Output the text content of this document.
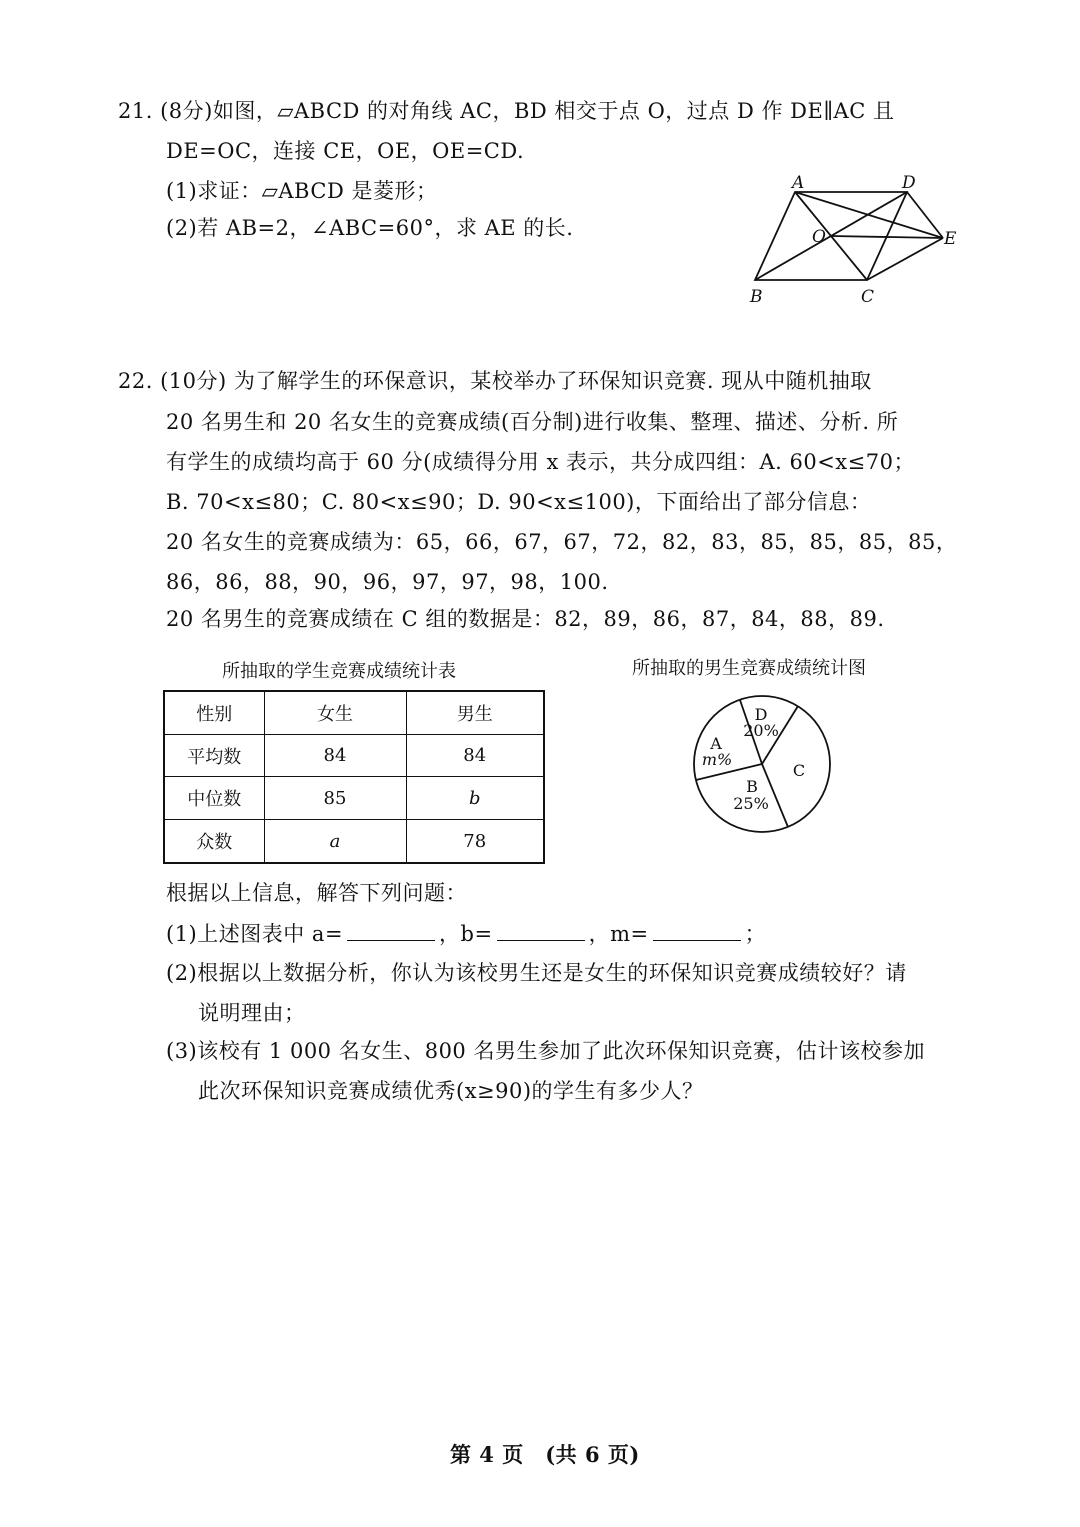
21. (8分)如图，▱ABCD 的对角线 AC，BD 相交于点 O，过点 D 作 DE∥AC 且

DE=OC，连接 CE，OE，OE=CD.

(1)求证：▱ABCD 是菱形；

(2)若 AB=2，∠ABC=60°，求 AE 的长.

A	D
O	E
B	C

22. (10分) 为了解学生的环保意识，某校举办了环保知识竞赛. 现从中随机抽取

20 名男生和 20 名女生的竞赛成绩(百分制)进行收集、整理、描述、分析. 所

有学生的成绩均高于 60 分(成绩得分用 x 表示，共分成四组：A. 60<x≤70；

B. 70<x≤80；C. 80<x≤90；D. 90<x≤100)，下面给出了部分信息：

20 名女生的竞赛成绩为：65，66，67，67，72，82，83，85，85，85，85，

86，86，88，90，96，97，97，98，100.

20 名男生的竞赛成绩在 C 组的数据是：82，89，86，87，84，88，89.

所抽取的学生竞赛成绩统计表	所抽取的男生竞赛成绩统计图

性别	女生	男生
平均数	84	84
中位数	85	b
众数	a	78
D
20%
A
m%
B
25%
C

根据以上信息，解答下列问题：

(1)上述图表中 a=	，b=	，m=	；

(2)根据以上数据分析，你认为该校男生还是女生的环保知识竞赛成绩较好？请

说明理由；

(3)该校有 1 000 名女生、800 名男生参加了此次环保知识竞赛，估计该校参加

此次环保知识竞赛成绩优秀(x≥90)的学生有多少人？

第 4 页　(共 6 页)
